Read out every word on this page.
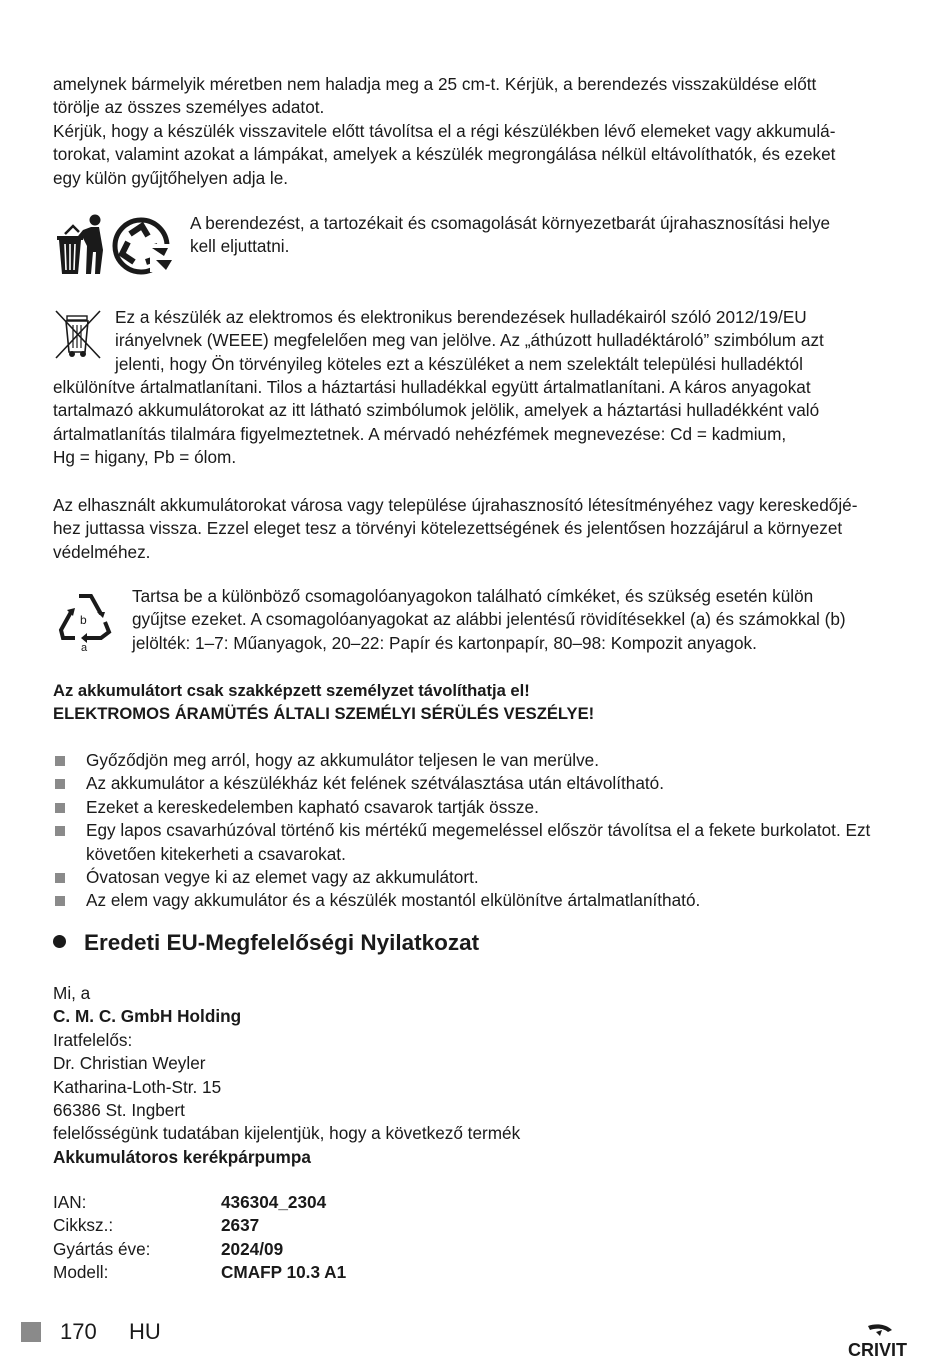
amelynek bármelyik méretben nem haladja meg a 25 cm-t. Kérjük, a berendezés visszaküldése előtt

törölje az összes személyes adatot.

Kérjük, hogy a készülék visszavitele előtt távolítsa el a régi készülékben lévő elemeket vagy akkumulá-

torokat, valamint azokat a lámpákat, amelyek a készülék megrongálása nélkül eltávolíthatók, és ezeket

egy külön gyűjtőhelyen adja le.

A berendezést, a tartozékait és csomagolását környezetbarát újrahasznosítási helye

kell eljuttatni.

Ez a készülék az elektromos és elektronikus berendezések hulladékairól szóló 2012/19/EU

irányelvnek (WEEE) megfelelően meg van jelölve. Az „áthúzott hulladéktároló” szimbólum azt

jelenti, hogy Ön törvényileg köteles ezt a készüléket a nem szelektált települési hulladéktól

elkülönítve ártalmatlanítani. Tilos a háztartási hulladékkal együtt ártalmatlanítani. A káros anyagokat

tartalmazó akkumulátorokat az itt látható szimbólumok jelölik, amelyek a háztartási hulladékként való

ártalmatlanítás tilalmára figyelmeztetnek. A mérvadó nehézfémek megnevezése: Cd = kadmium,

Hg = higany, Pb = ólom.

Az elhasznált akkumulátorokat városa vagy települése újrahasznosító létesítményéhez vagy kereskedőjé-

hez juttassa vissza. Ezzel eleget tesz a törvényi kötelezettségének és jelentősen hozzájárul a környezet

védelméhez.

b
a

Tartsa be a különböző csomagolóanyagokon található címkéket, és szükség esetén külön

gyűjtse ezeket. A csomagolóanyagokat az alábbi jelentésű rövidítésekkel (a) és számokkal (b)

jelölték: 1–7: Műanyagok, 20–22: Papír és kartonpapír, 80–98: Kompozit anyagok.

Az akkumulátort csak szakképzett személyzet távolíthatja el!

ELEKTROMOS ÁRAMÜTÉS ÁLTALI SZEMÉLYI SÉRÜLÉS VESZÉLYE!

Győződjön meg arról, hogy az akkumulátor teljesen le van merülve.
Az akkumulátor a készülékház két felének szétválasztása után eltávolítható.
Ezeket a kereskedelemben kapható csavarok tartják össze.
Egy lapos csavarhúzóval történő kis mértékű megemeléssel először távolítsa el a fekete burkolatot. Ezt követően kitekerheti a csavarokat.
Óvatosan vegye ki az elemet vagy az akkumulátort.
Az elem vagy akkumulátor és a készülék mostantól elkülönítve ártalmatlanítható.
Eredeti EU-Megfelelőségi Nyilatkozat

Mi, a

C. M. C. GmbH Holding

Iratfelelős:

Dr. Christian Weyler

Katharina-Loth-Str. 15

66386 St. Ingbert

felelősségünk tudatában kijelentjük, hogy a következő termék

Akkumulátoros kerékpárpumpa

IAN:	436304_2304
Cikksz.:	2637
Gyártás éve:	2024/09
Modell:	CMAFP 10.3 A1
170 HU
CRIVIT
